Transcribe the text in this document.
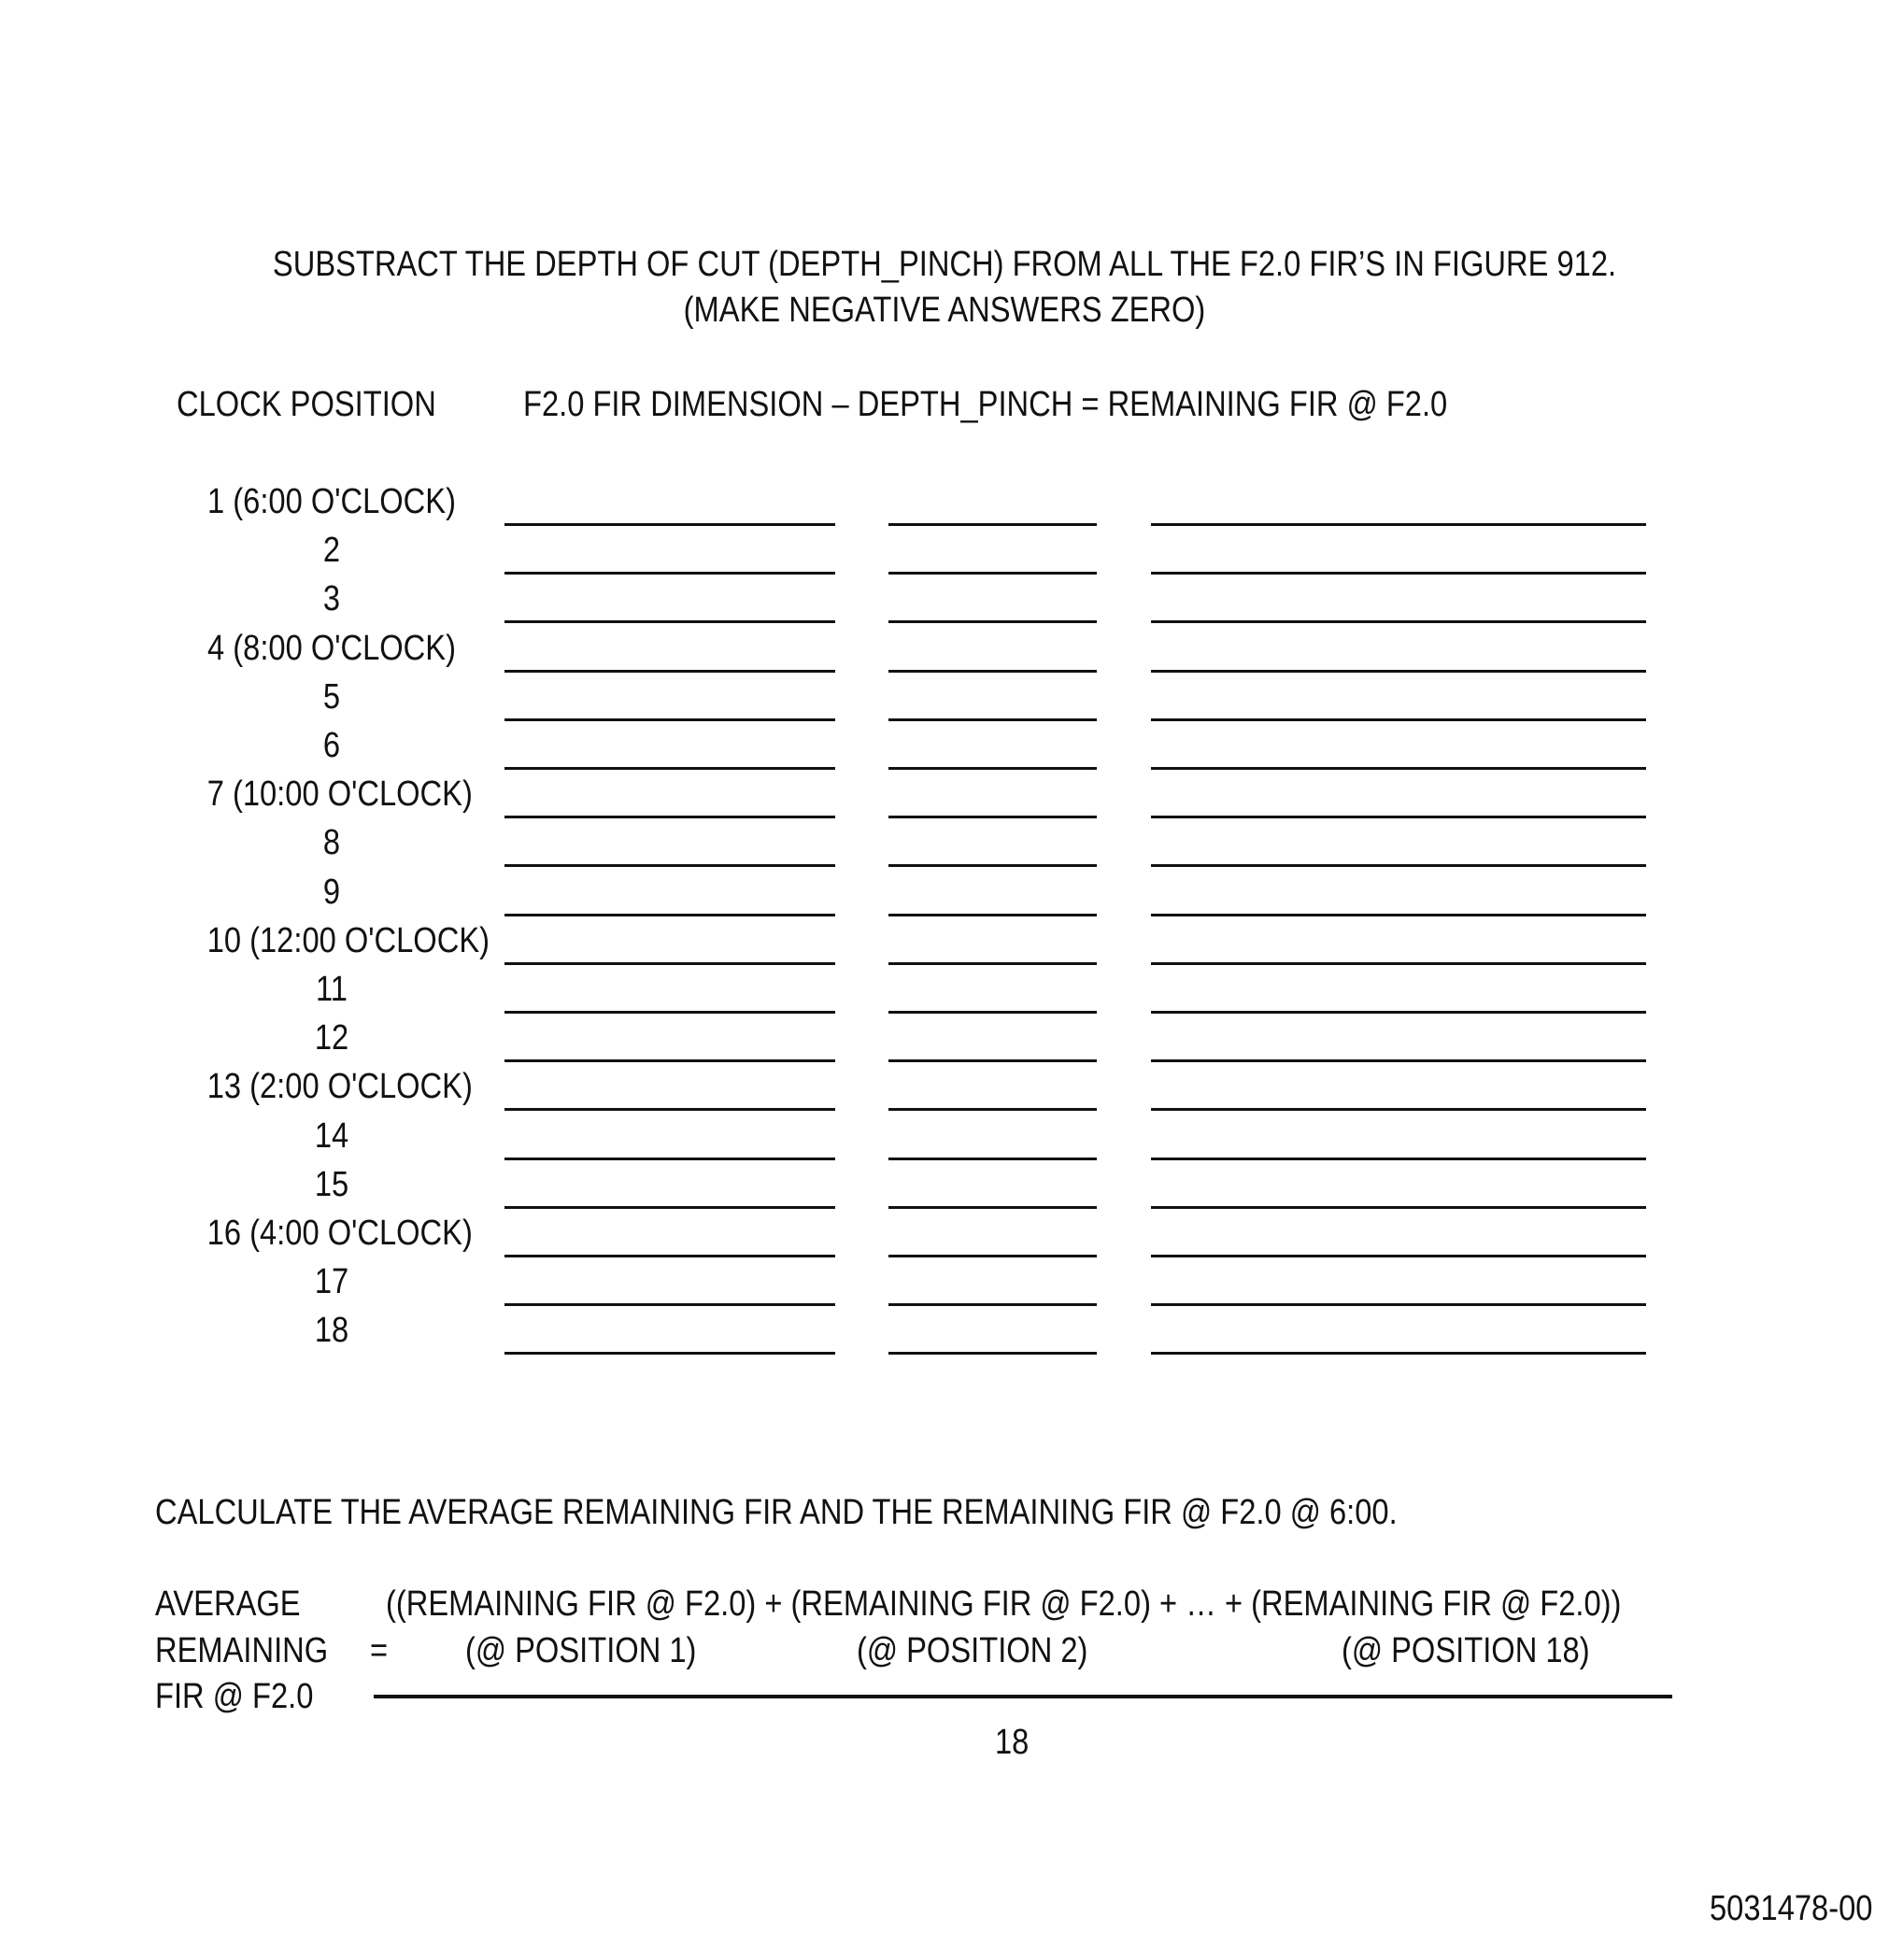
SUBSTRACT THE DEPTH OF CUT (DEPTH_PINCH) FROM ALL THE F2.0 FIR’S IN FIGURE 912.
(MAKE NEGATIVE ANSWERS ZERO)
CLOCK POSITION F2.0 FIR DIMENSION – DEPTH_PINCH = REMAINING FIR @ F2.0
1 (6:00 O'CLOCK)
2
3
4 (8:00 O'CLOCK)
5
6
7 (10:00 O'CLOCK)
8
9
10 (12:00 O'CLOCK)
11
12
13 (2:00 O'CLOCK)
14
15
16 (4:00 O'CLOCK)
17
18
CALCULATE THE AVERAGE REMAINING FIR AND THE REMAINING FIR @ F2.0 @ 6:00.
AVERAGE
REMAINING
FIR @ F2.0
=
((REMAINING FIR @ F2.0) + (REMAINING FIR @ F2.0) + … + (REMAINING FIR @ F2.0))
(@ POSITION 1)	(@ POSITION 2)	(@ POSITION 18)
18
5031478-00
